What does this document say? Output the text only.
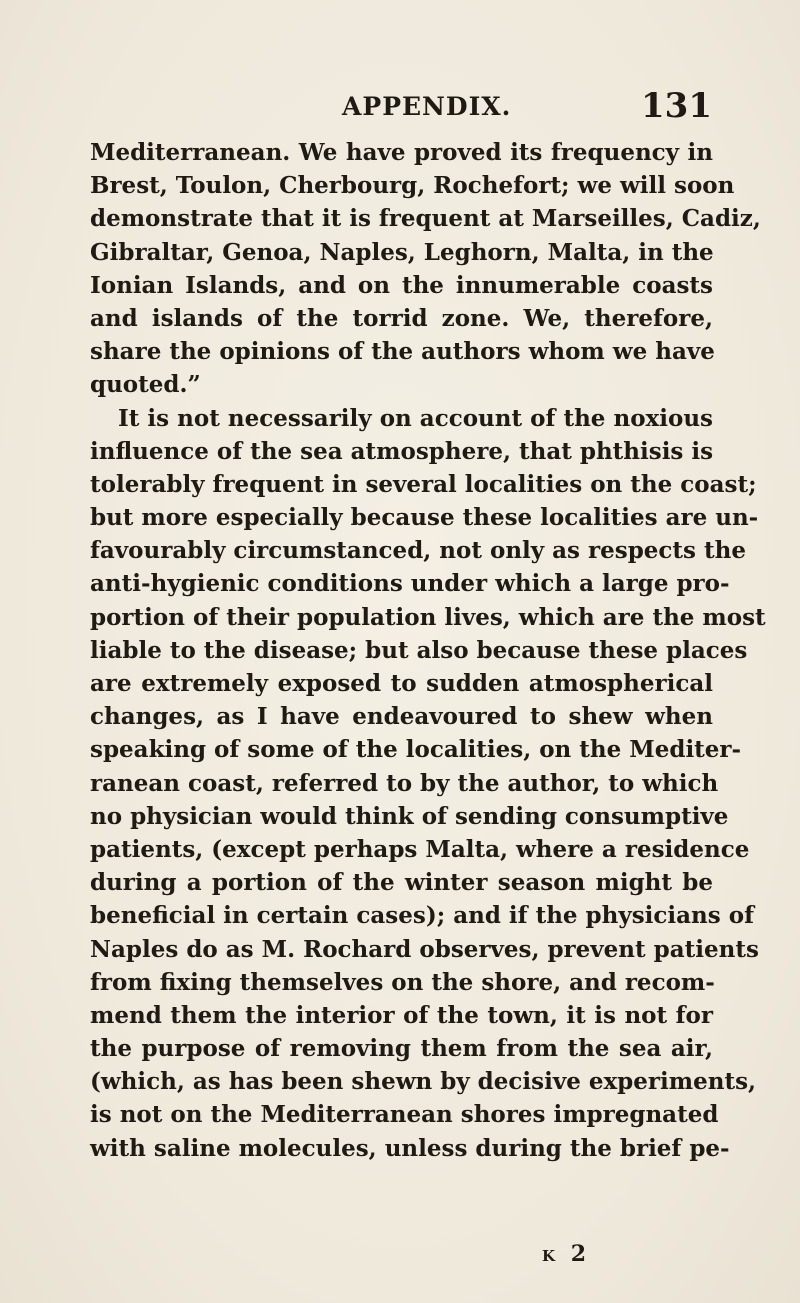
APPENDIX.	131
Mediterranean. We have proved its frequency in
Brest, Toulon, Cherbourg, Rochefort; we will soon
demonstrate that it is frequent at Marseilles, Cadiz,
Gibraltar, Genoa, Naples, Leghorn, Malta, in the
Ionian Islands, and on the innumerable coasts
and islands of the torrid zone. We, therefore,
share the opinions of the authors whom we have
quoted.”
It is not necessarily on account of the noxious
influence of the sea atmosphere, that phthisis is
tolerably frequent in several localities on the coast;
but more especially because these localities are un-
favourably circumstanced, not only as respects the
anti-hygienic conditions under which a large pro-
portion of their population lives, which are the most
liable to the disease; but also because these places
are extremely exposed to sudden atmospherical
changes, as I have endeavoured to shew when
speaking of some of the localities, on the Mediter-
ranean coast, referred to by the author, to which
no physician would think of sending consumptive
patients, (except perhaps Malta, where a residence
during a portion of the winter season might be
beneficial in certain cases); and if the physicians of
Naples do as M. Rochard observes, prevent patients
from fixing themselves on the shore, and recom-
mend them the interior of the town, it is not for
the purpose of removing them from the sea air,
(which, as has been shewn by decisive experiments,
is not on the Mediterranean shores impregnated
with saline molecules, unless during the brief pe-
K 2
